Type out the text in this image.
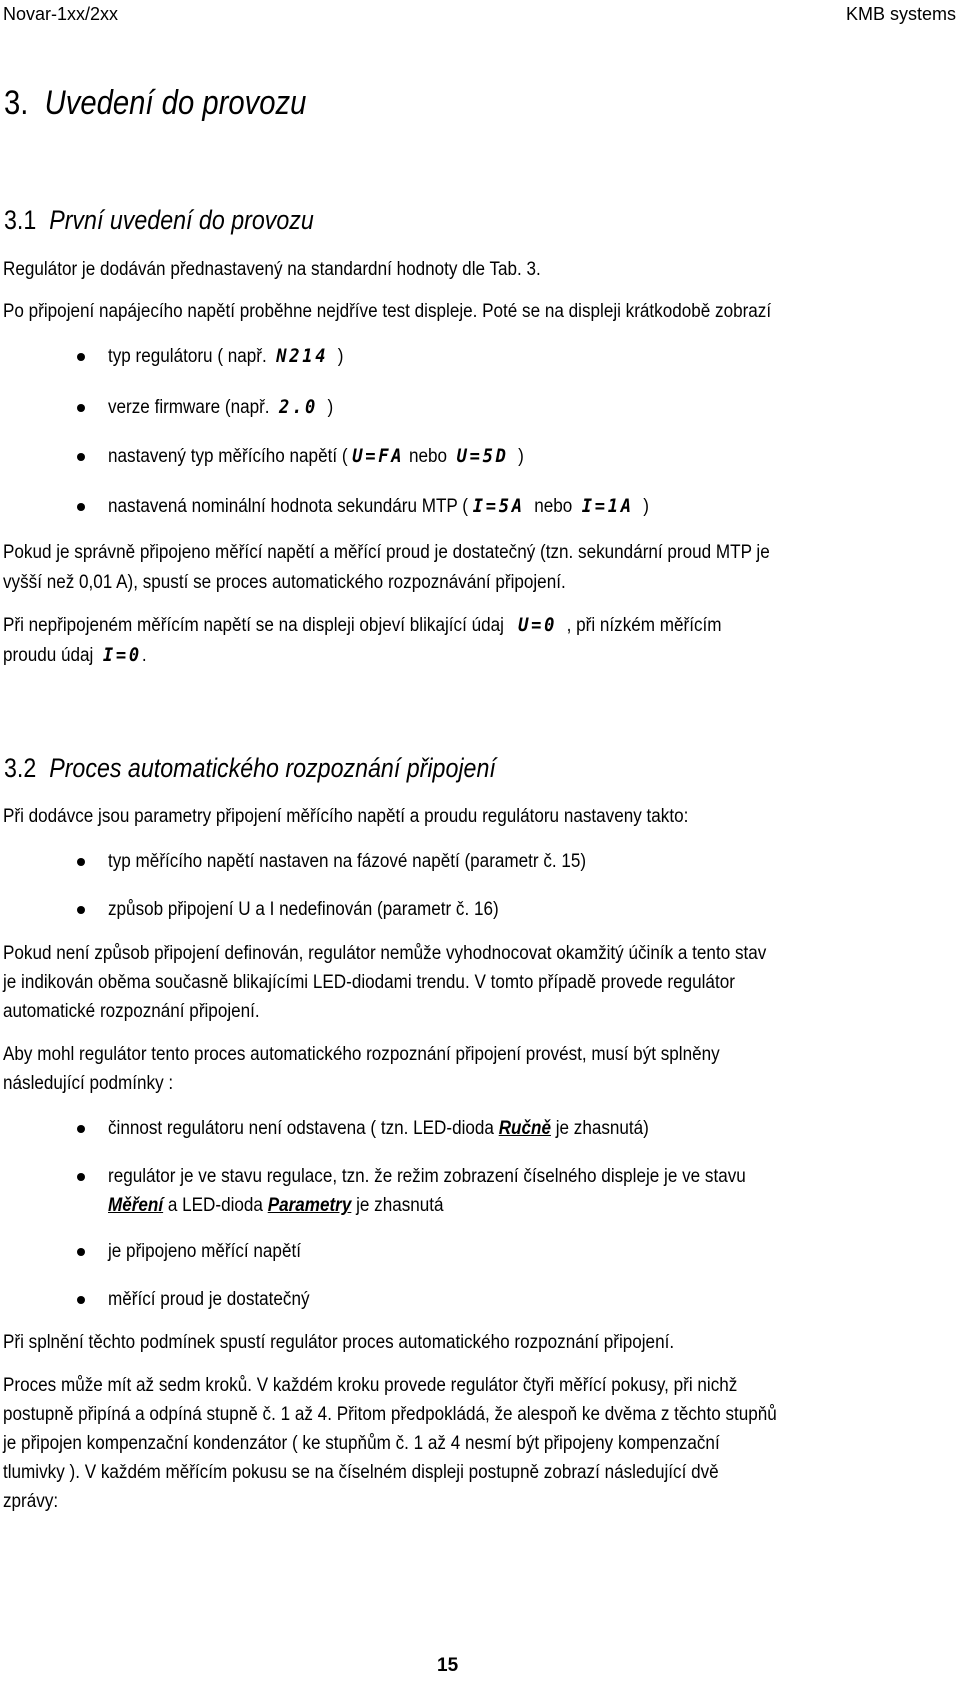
Novar-1xx/2xx	KMB systems
3. Uvedení do provozu
3.1 První uvedení do provozu
Regulátor je dodáván přednastavený na standardní hodnoty dle Tab. 3.
Po připojení napájecího napětí proběhne nejdříve test displeje. Poté se na displeji krátkodobě zobrazí
typ regulátoru ( např. N214 )
verze firmware (např. 2.0 )
nastavený typ měřícího napětí ( U=FA nebo U=5D )
nastavená nominální hodnota sekundáru MTP ( I=5A nebo I=1A )
Pokud je správně připojeno měřící napětí a měřící proud je dostatečný (tzn. sekundární proud MTP je
vyšší než 0,01 A), spustí se proces automatického rozpoznávání připojení.
Při nepřipojeném měřícím napětí se na displeji objeví blikající údaj U=0 , při nízkém měřícím
proudu údaj I=0.
3.2 Proces automatického rozpoznání připojení
Při dodávce jsou parametry připojení měřícího napětí a proudu regulátoru nastaveny takto:
typ měřícího napětí nastaven na fázové napětí (parametr č. 15)
způsob připojení U a I nedefinován (parametr č. 16)
Pokud není způsob připojení definován, regulátor nemůže vyhodnocovat okamžitý účiník a tento stav
je indikován oběma současně blikajícími LED-diodami trendu. V tomto případě provede regulátor
automatické rozpoznání připojení.
Aby mohl regulátor tento proces automatického rozpoznání připojení provést, musí být splněny
následující podmínky :
činnost regulátoru není odstavena ( tzn. LED-dioda Ručně je zhasnutá)
regulátor je ve stavu regulace, tzn. že režim zobrazení číselného displeje je ve stavu
Měření a LED-dioda Parametry je zhasnutá
je připojeno měřící napětí
měřící proud je dostatečný
Při splnění těchto podmínek spustí regulátor proces automatického rozpoznání připojení.
Proces může mít až sedm kroků. V každém kroku provede regulátor čtyři měřící pokusy, při nichž
postupně připíná a odpíná stupně č. 1 až 4. Přitom předpokládá, že alespoň ke dvěma z těchto stupňů
je připojen kompenzační kondenzátor ( ke stupňům č. 1 až 4 nesmí být připojeny kompenzační
tlumivky ). V každém měřícím pokusu se na číselném displeji postupně zobrazí následující dvě
zprávy:
15
